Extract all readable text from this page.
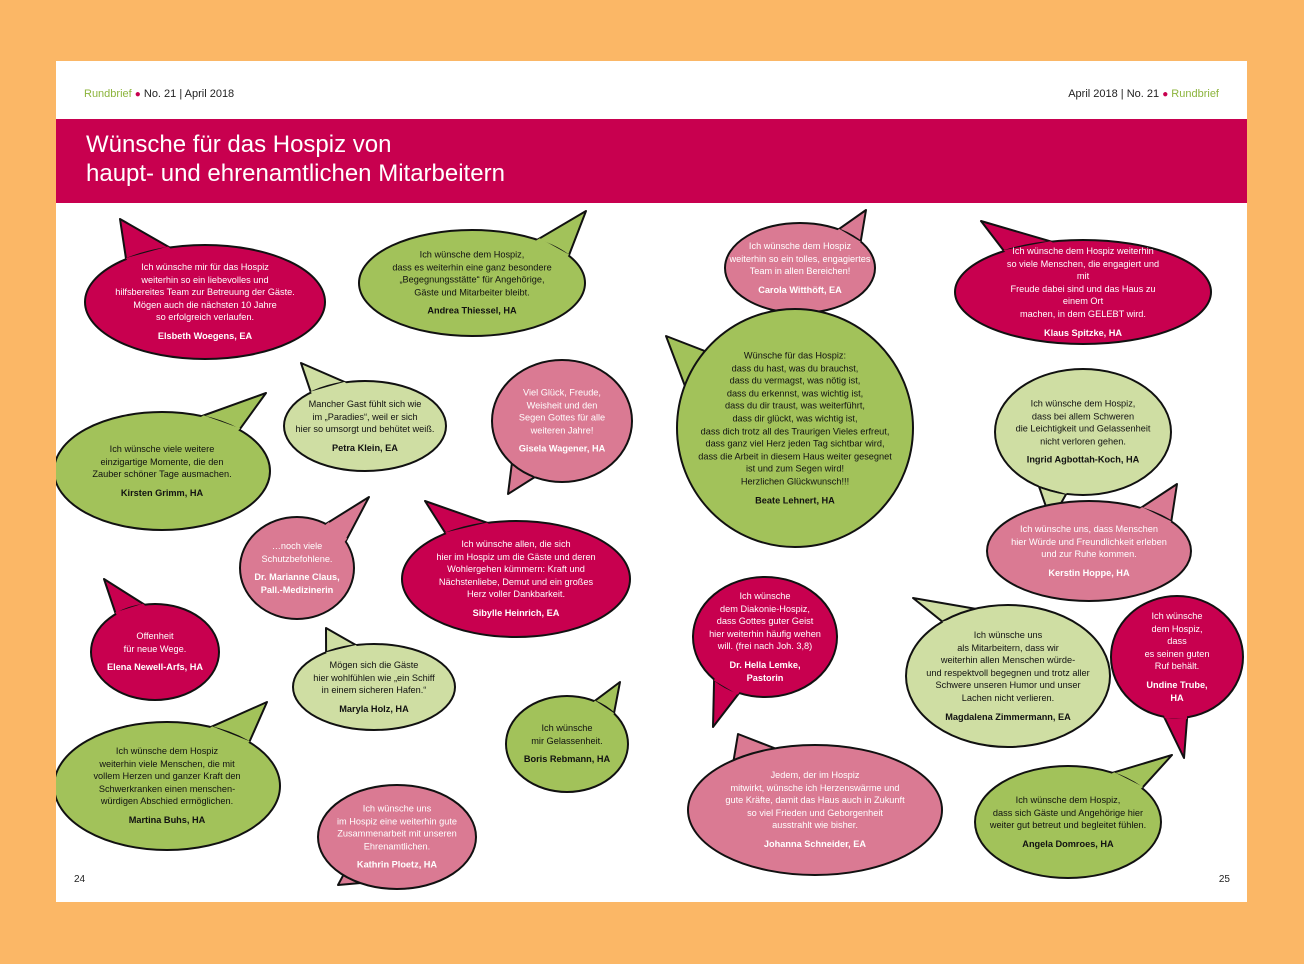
Rundbrief ● No. 21 | April 2018	April 2018 | No. 21 ● Rundbrief
Wünsche für das Hospiz von
haupt- und ehrenamtlichen Mitarbeitern
Ich wünsche mir für das Hospiz
weiterhin so ein liebevolles und
hilfsbereites Team zur Betreuung der Gäste.
Mögen auch die nächsten 10 Jahre
so erfolgreich verlaufen.
Elsbeth Woegens, EA
Ich wünsche dem Hospiz,
dass es weiterhin eine ganz besondere
„Begegnungsstätte“ für Angehörige,
Gäste und Mitarbeiter bleibt.
Andrea Thiessel, HA
Mancher Gast fühlt sich wie
im „Paradies“, weil er sich
hier so umsorgt und behütet weiß.
Petra Klein, EA
Viel Glück, Freude,
Weisheit und den
Segen Gottes für alle
weiteren Jahre!
Gisela Wagener, HA
Ich wünsche viele weitere
einzigartige Momente, die den
Zauber schöner Tage ausmachen.
Kirsten Grimm, HA
…noch viele
Schutzbefohlene.
Dr. Marianne Claus,
Pall.-Medizinerin
Ich wünsche allen, die sich
hier im Hospiz um die Gäste und deren
Wohlergehen kümmern: Kraft und
Nächstenliebe, Demut und ein großes
Herz voller Dankbarkeit.
Sibylle Heinrich, EA
Offenheit
für neue Wege.
Elena Newell-Arfs, HA	Mögen sich die Gäste
hier wohlfühlen wie „ein Schiff
in einem sicheren Hafen.“
Maryla Holz, HA
Ich wünsche
mir Gelassenheit.
Boris Rebmann, HA
Ich wünsche dem Hospiz
weiterhin viele Menschen, die mit
vollem Herzen und ganzer Kraft den
Schwerkranken einen menschen-
würdigen Abschied ermöglichen.
Martina Buhs, HA
Ich wünsche uns
im Hospiz eine weiterhin gute
Zusammenarbeit mit unseren
Ehrenamtlichen.
Kathrin Ploetz, HA
Ich wünsche dem Hospiz
weiterhin so ein tolles, engagiertes
Team in allen Bereichen!
Carola Witthöft, EA
Ich wünsche dem Hospiz weiterhin
so viele Menschen, die engagiert und mit
Freude dabei sind und das Haus zu einem Ort
machen, in dem GELEBT wird.
Klaus Spitzke, HA
Wünsche für das Hospiz:
dass du hast, was du brauchst,
dass du vermagst, was nötig ist,
dass du erkennst, was wichtig ist,
dass du dir traust, was weiterführt,
dass dir glückt, was wichtig ist,
dass dich trotz all des Traurigen Vieles erfreut,
dass ganz viel Herz jeden Tag sichtbar wird,
dass die Arbeit in diesem Haus weiter gesegnet
ist und zum Segen wird!
Herzlichen Glückwunsch!!!
Beate Lehnert, HA
Ich wünsche dem Hospiz,
dass bei allem Schweren
die Leichtigkeit und Gelassenheit
nicht verloren gehen.
Ingrid Agbottah-Koch, HA
Ich wünsche uns, dass Menschen
hier Würde und Freundlichkeit erleben
und zur Ruhe kommen.
Kerstin Hoppe, HA
Ich wünsche
dem Diakonie-Hospiz,
dass Gottes guter Geist
hier weiterhin häufig wehen
will. (frei nach Joh. 3,8)
Dr. Hella Lemke,
Pastorin
Ich wünsche uns
als Mitarbeitern, dass wir
weiterhin allen Menschen würde-
und respektvoll begegnen und trotz aller
Schwere unseren Humor und unser
Lachen nicht verlieren.
Magdalena Zimmermann, EA
Ich wünsche
dem Hospiz, dass
es seinen guten
Ruf behält.
Undine Trube, HA
Jedem, der im Hospiz
mitwirkt, wünsche ich Herzenswärme und
gute Kräfte, damit das Haus auch in Zukunft
so viel Frieden und Geborgenheit
ausstrahlt wie bisher.
Johanna Schneider, EA
Ich wünsche dem Hospiz,
dass sich Gäste und Angehörige hier
weiter gut betreut und begleitet fühlen.
Angela Domroes, HA
24	25
